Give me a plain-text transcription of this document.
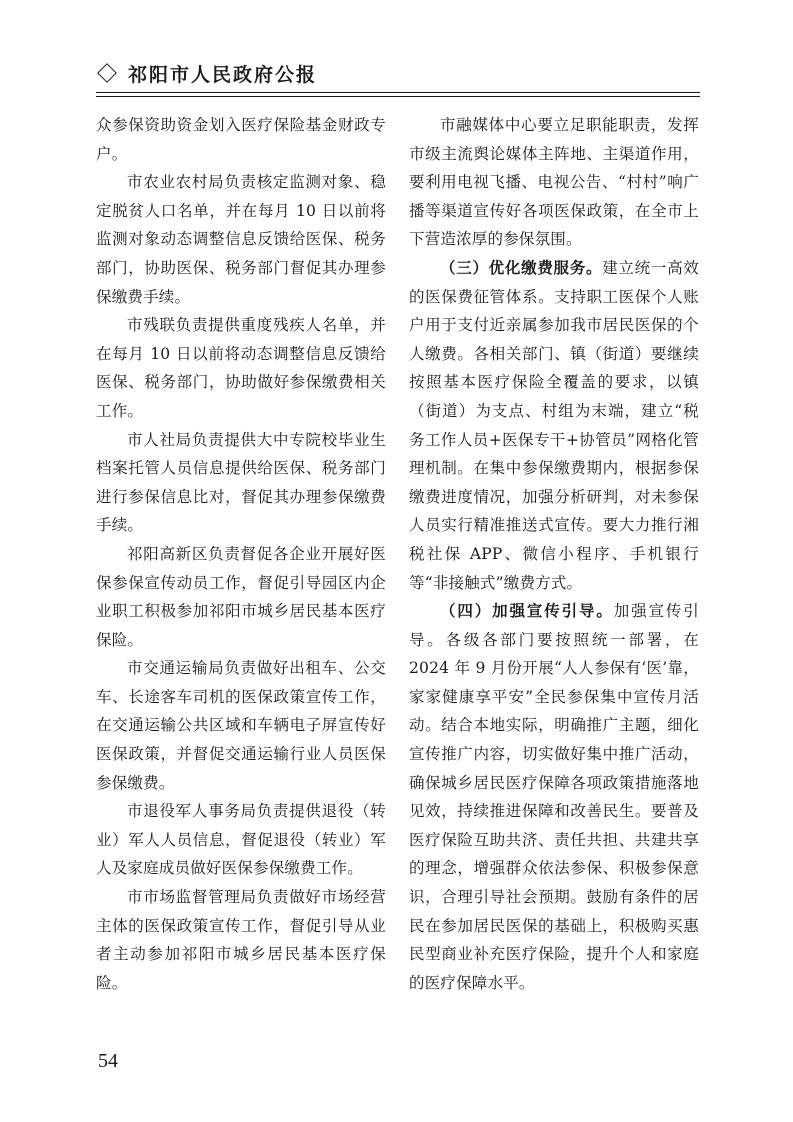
祁阳市人民政府公报

众参保资助资金划入医疗保险基金财政专户。

市农业农村局负责核定监测对象、稳定脱贫人口名单，并在每月 10 日以前将监测对象动态调整信息反馈给医保、税务部门，协助医保、税务部门督促其办理参保缴费手续。

市残联负责提供重度残疾人名单，并在每月 10 日以前将动态调整信息反馈给医保、税务部门，协助做好参保缴费相关工作。

市人社局负责提供大中专院校毕业生档案托管人员信息提供给医保、税务部门进行参保信息比对，督促其办理参保缴费手续。

祁阳高新区负责督促各企业开展好医保参保宣传动员工作，督促引导园区内企业职工积极参加祁阳市城乡居民基本医疗保险。

市交通运输局负责做好出租车、公交车、长途客车司机的医保政策宣传工作，在交通运输公共区域和车辆电子屏宣传好医保政策，并督促交通运输行业人员医保参保缴费。

市退役军人事务局负责提供退役（转业）军人人员信息，督促退役（转业）军人及家庭成员做好医保参保缴费工作。

市市场监督管理局负责做好市场经营主体的医保政策宣传工作，督促引导从业者主动参加祁阳市城乡居民基本医疗保险。

市融媒体中心要立足职能职责，发挥市级主流舆论媒体主阵地、主渠道作用，要利用电视飞播、电视公告、“村村”响广播等渠道宣传好各项医保政策，在全市上下营造浓厚的参保氛围。

（三）优化缴费服务。建立统一高效的医保费征管体系。支持职工医保个人账户用于支付近亲属参加我市居民医保的个人缴费。各相关部门、镇（街道）要继续按照基本医疗保险全覆盖的要求，以镇（街道）为支点、村组为末端，建立“税务工作人员+医保专干+协管员”网格化管理机制。在集中参保缴费期内，根据参保缴费进度情况，加强分析研判，对未参保人员实行精准推送式宣传。要大力推行湘税社保 APP、微信小程序、手机银行等“非接触式”缴费方式。

（四）加强宣传引导。加强宣传引导。各级各部门要按照统一部署，在 2024 年 9 月份开展“人人参保有‘医’靠，家家健康享平安”全民参保集中宣传月活动。结合本地实际，明确推广主题，细化宣传推广内容，切实做好集中推广活动，确保城乡居民医疗保障各项政策措施落地见效，持续推进保障和改善民生。要普及医疗保险互助共济、责任共担、共建共享的理念，增强群众依法参保、积极参保意识，合理引导社会预期。鼓励有条件的居民在参加居民医保的基础上，积极购买惠民型商业补充医疗保险，提升个人和家庭的医疗保障水平。

54
